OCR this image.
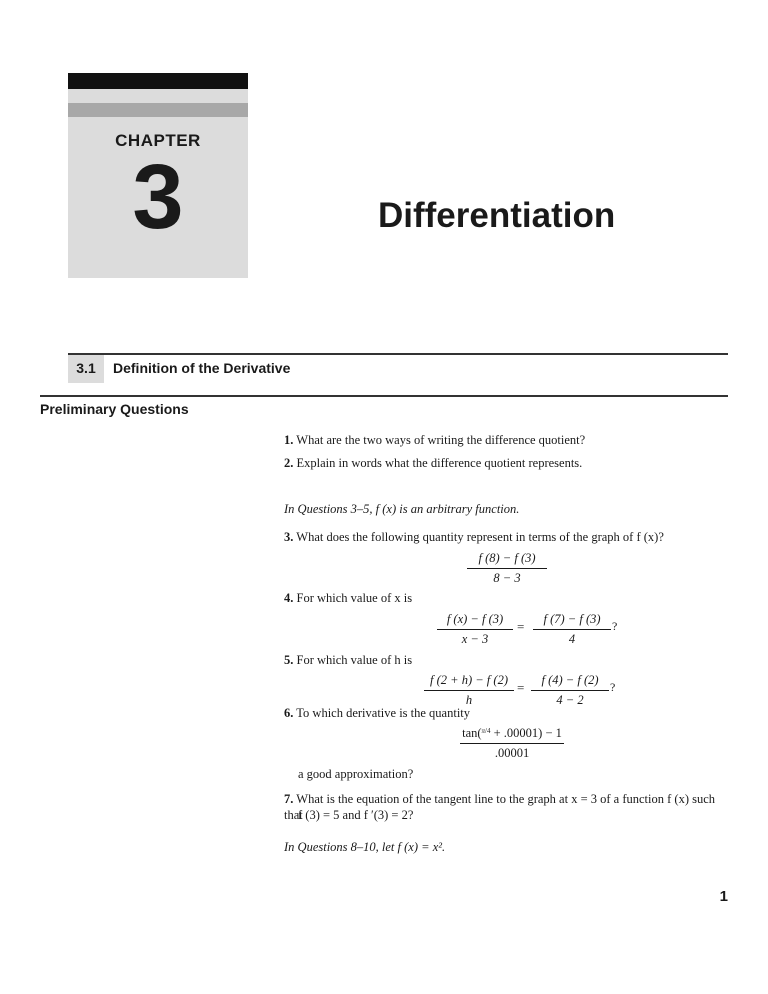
CHAPTER
3	Differentiation
3.1	Definition of the Derivative
Preliminary Questions
1. What are the two ways of writing the difference quotient?
2. Explain in words what the difference quotient represents.
In Questions 3–5, f (x) is an arbitrary function.
3. What does the following quantity represent in terms of the graph of f (x)?
$\frac{f (8) - f (3)}{8 - 3}$
4. For which value of x is
$\frac{f (x) - f (3)}{x - 3} = \frac{f (7) - f (3)}{4}$ ?
5. For which value of h is
$\frac{f (2 + h) - f (2)}{h} = \frac{f (4) - f (2)}{4 - 2}$ ?
6. To which derivative is the quantity
$\frac{\tan(^{\pi/4} + .00001) - 1}{.00001}$
a good approximation?
7. What is the equation of the tangent line to the graph at x = 3 of a function f (x) such that
f (3) = 5 and f ′(3) = 2?
In Questions 8–10, let f (x) = x².
1
